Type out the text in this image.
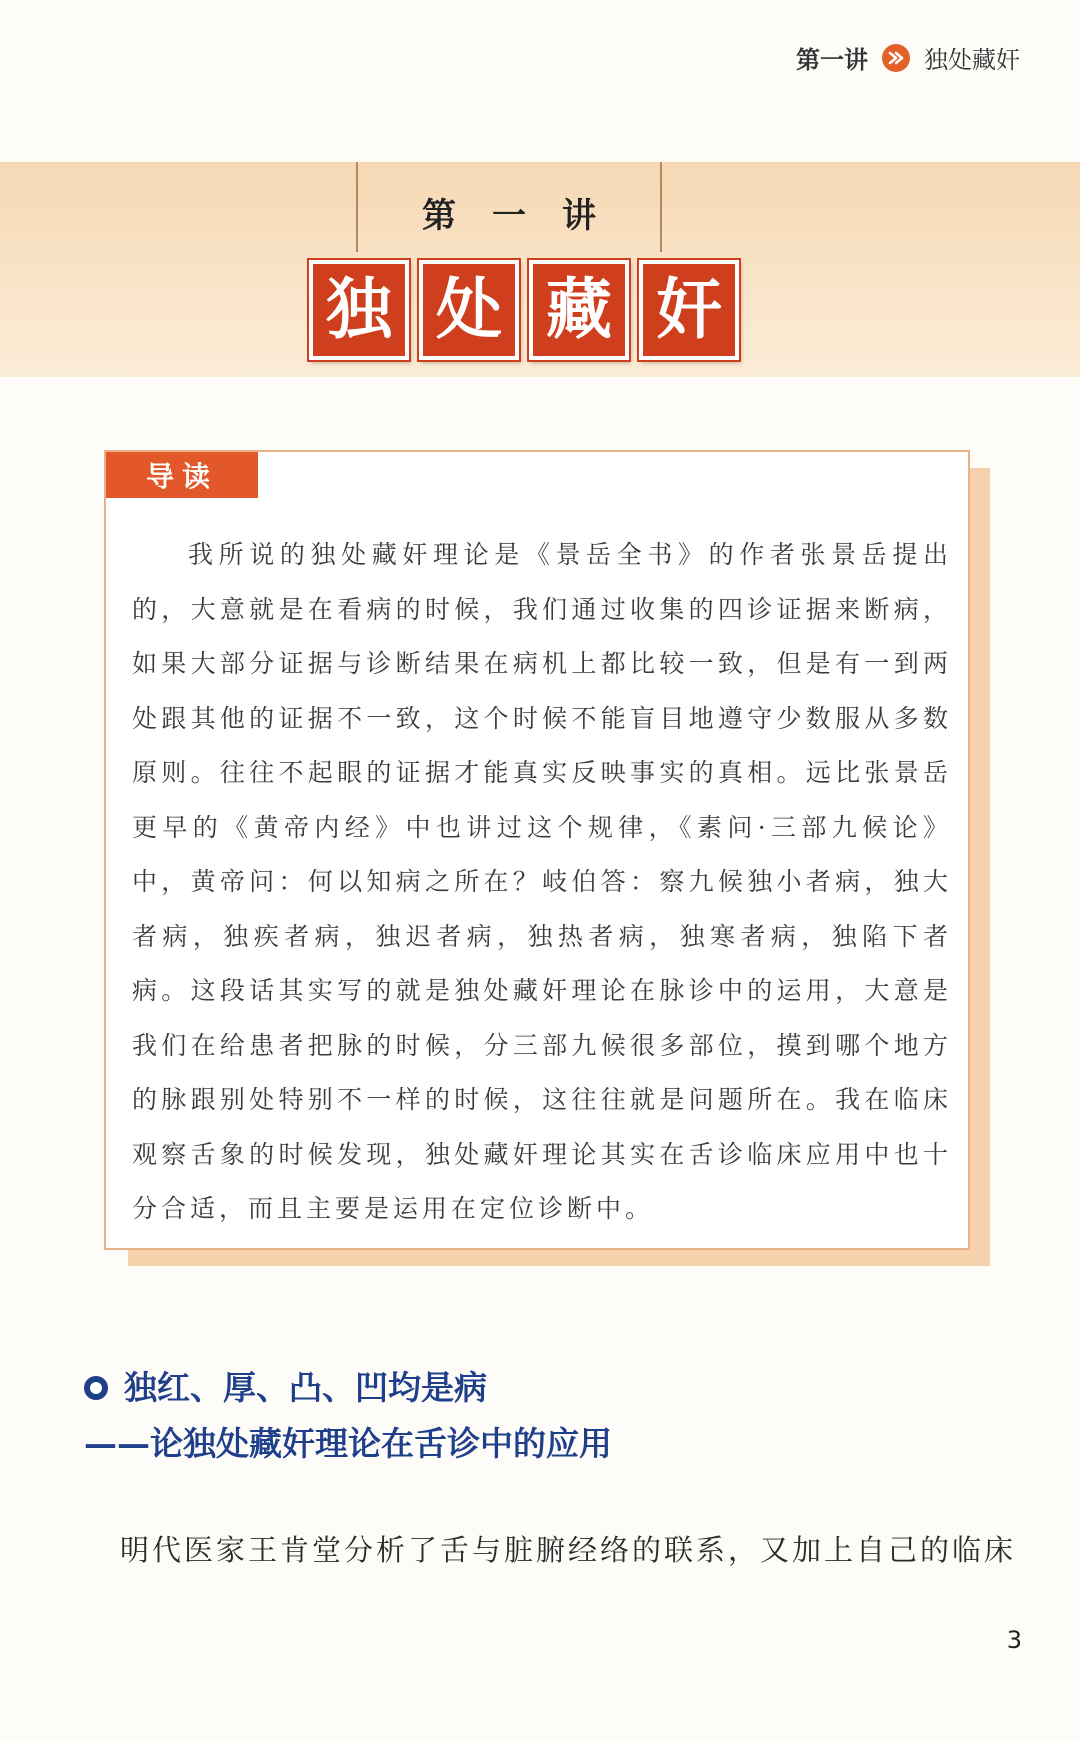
第一讲 独处藏奸
第一讲
独 处 藏 奸
导读
我所说的独处藏奸理论是《景岳全书》的作者张景岳提出的，大意就是在看病的时候，我们通过收集的四诊证据来断病，如果大部分证据与诊断结果在病机上都比较一致，但是有一到两处跟其他的证据不一致，这个时候不能盲目地遵守少数服从多数原则。往往不起眼的证据才能真实反映事实的真相。远比张景岳更早的《黄帝内经》中也讲过这个规律，《素问·三部九候论》中，黄帝问：何以知病之所在？岐伯答：察九候独小者病，独大者病，独疾者病，独迟者病，独热者病，独寒者病，独陷下者病。这段话其实写的就是独处藏奸理论在脉诊中的运用，大意是我们在给患者把脉的时候，分三部九候很多部位，摸到哪个地方的脉跟别处特别不一样的时候，这往往就是问题所在。我在临床观察舌象的时候发现，独处藏奸理论其实在舌诊临床应用中也十分合适，而且主要是运用在定位诊断中。
独红、厚、凸、凹均是病
——论独处藏奸理论在舌诊中的应用
明代医家王肯堂分析了舌与脏腑经络的联系，又加上自己的临床
3
